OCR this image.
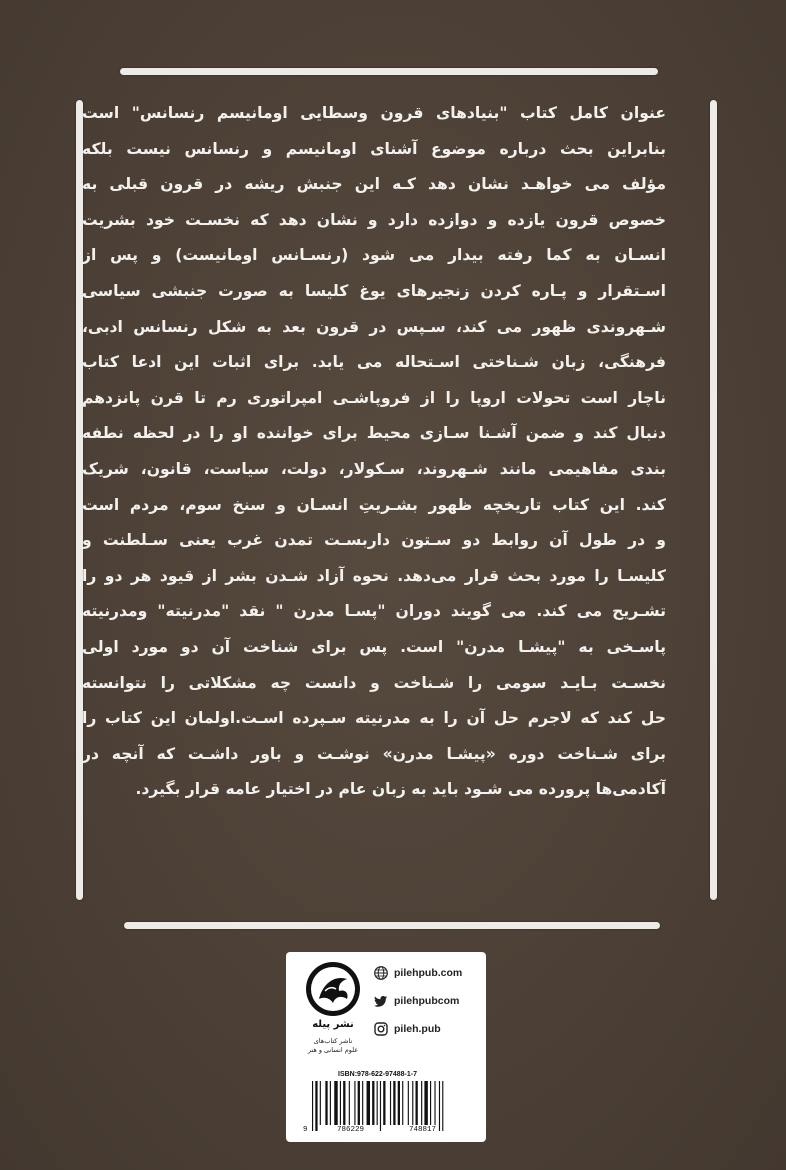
عنوان کامل کتاب "بنیادهای قرون وسطایی اومانیسم رنسانس" است
بنابراین بحث درباره موضوع آشنای اومانیسم و رنسانس نیست بلکه
مؤلف می خواهـد نشان دهد کـه این جنبش ریشه در قرون قبلی به
خصوص قرون یازده و دوازده دارد و نشان دهد که نخسـت خود بشریت
انسـان به کما رفته بیدار می شود (رنسـانس اومانیست) و پس از
اسـتقرار و پـاره کردن زنجیرهای یوغ کلیسا به صورت جنبشی سیاسی
شـهروندی ظهور می کند، سـپس در قرون بعد به شکل رنسانس ادبی،
فرهنگی، زبان شـناختی اسـتحاله می یابد. برای اثبات این ادعا کتاب
ناچار است تحولات اروپا را از فروپاشـی امپراتوری رم تا قرن پانزدهم
دنبال کند و ضمن آشـنا سـازی محیط برای خواننده او را در لحظه نطفه
بندی مفاهیمی مانند شـهروند، سـکولار، دولت، سیاست، قانون، شریک
کند. این کتاب تاریخچه ظهور بشـریتِ انسـان و سنخ سوم، مردم است
و در طول آن روابط دو سـتون داربسـت تمدن غرب یعنی سـلطنت و
کلیسـا را مورد بحث قرار می‌دهد. نحوه آزاد شـدن بشر از قیود هر دو را
تشـریح می کند. می گویند دوران "پسـا مدرن " نقد "مدرنیته" ومدرنیته
پاسـخی به "پیشـا مدرن" است. پس برای شناخت آن دو مورد اولی
نخسـت بـایـد سومی را شـناخت و دانست چه مشکلاتی را نتوانسته
حل کند که لاجرم حل آن را به مدرنیته سـپرده اسـت.اولمان این کتاب را
برای شـناخت دوره «پیشـا مدرن» نوشـت و باور داشـت که آنچه در
آکادمی‌ها پرورده می شـود باید به زبان عام در اختیار عامه قرار بگیرد.
نشر پیله
ناشر کتاب‌های
علوم انسانی و هنر
pilehpub.com
pilehpubcom
pileh.pub
ISBN:978-622-97488-1-7
9	786229	748817
